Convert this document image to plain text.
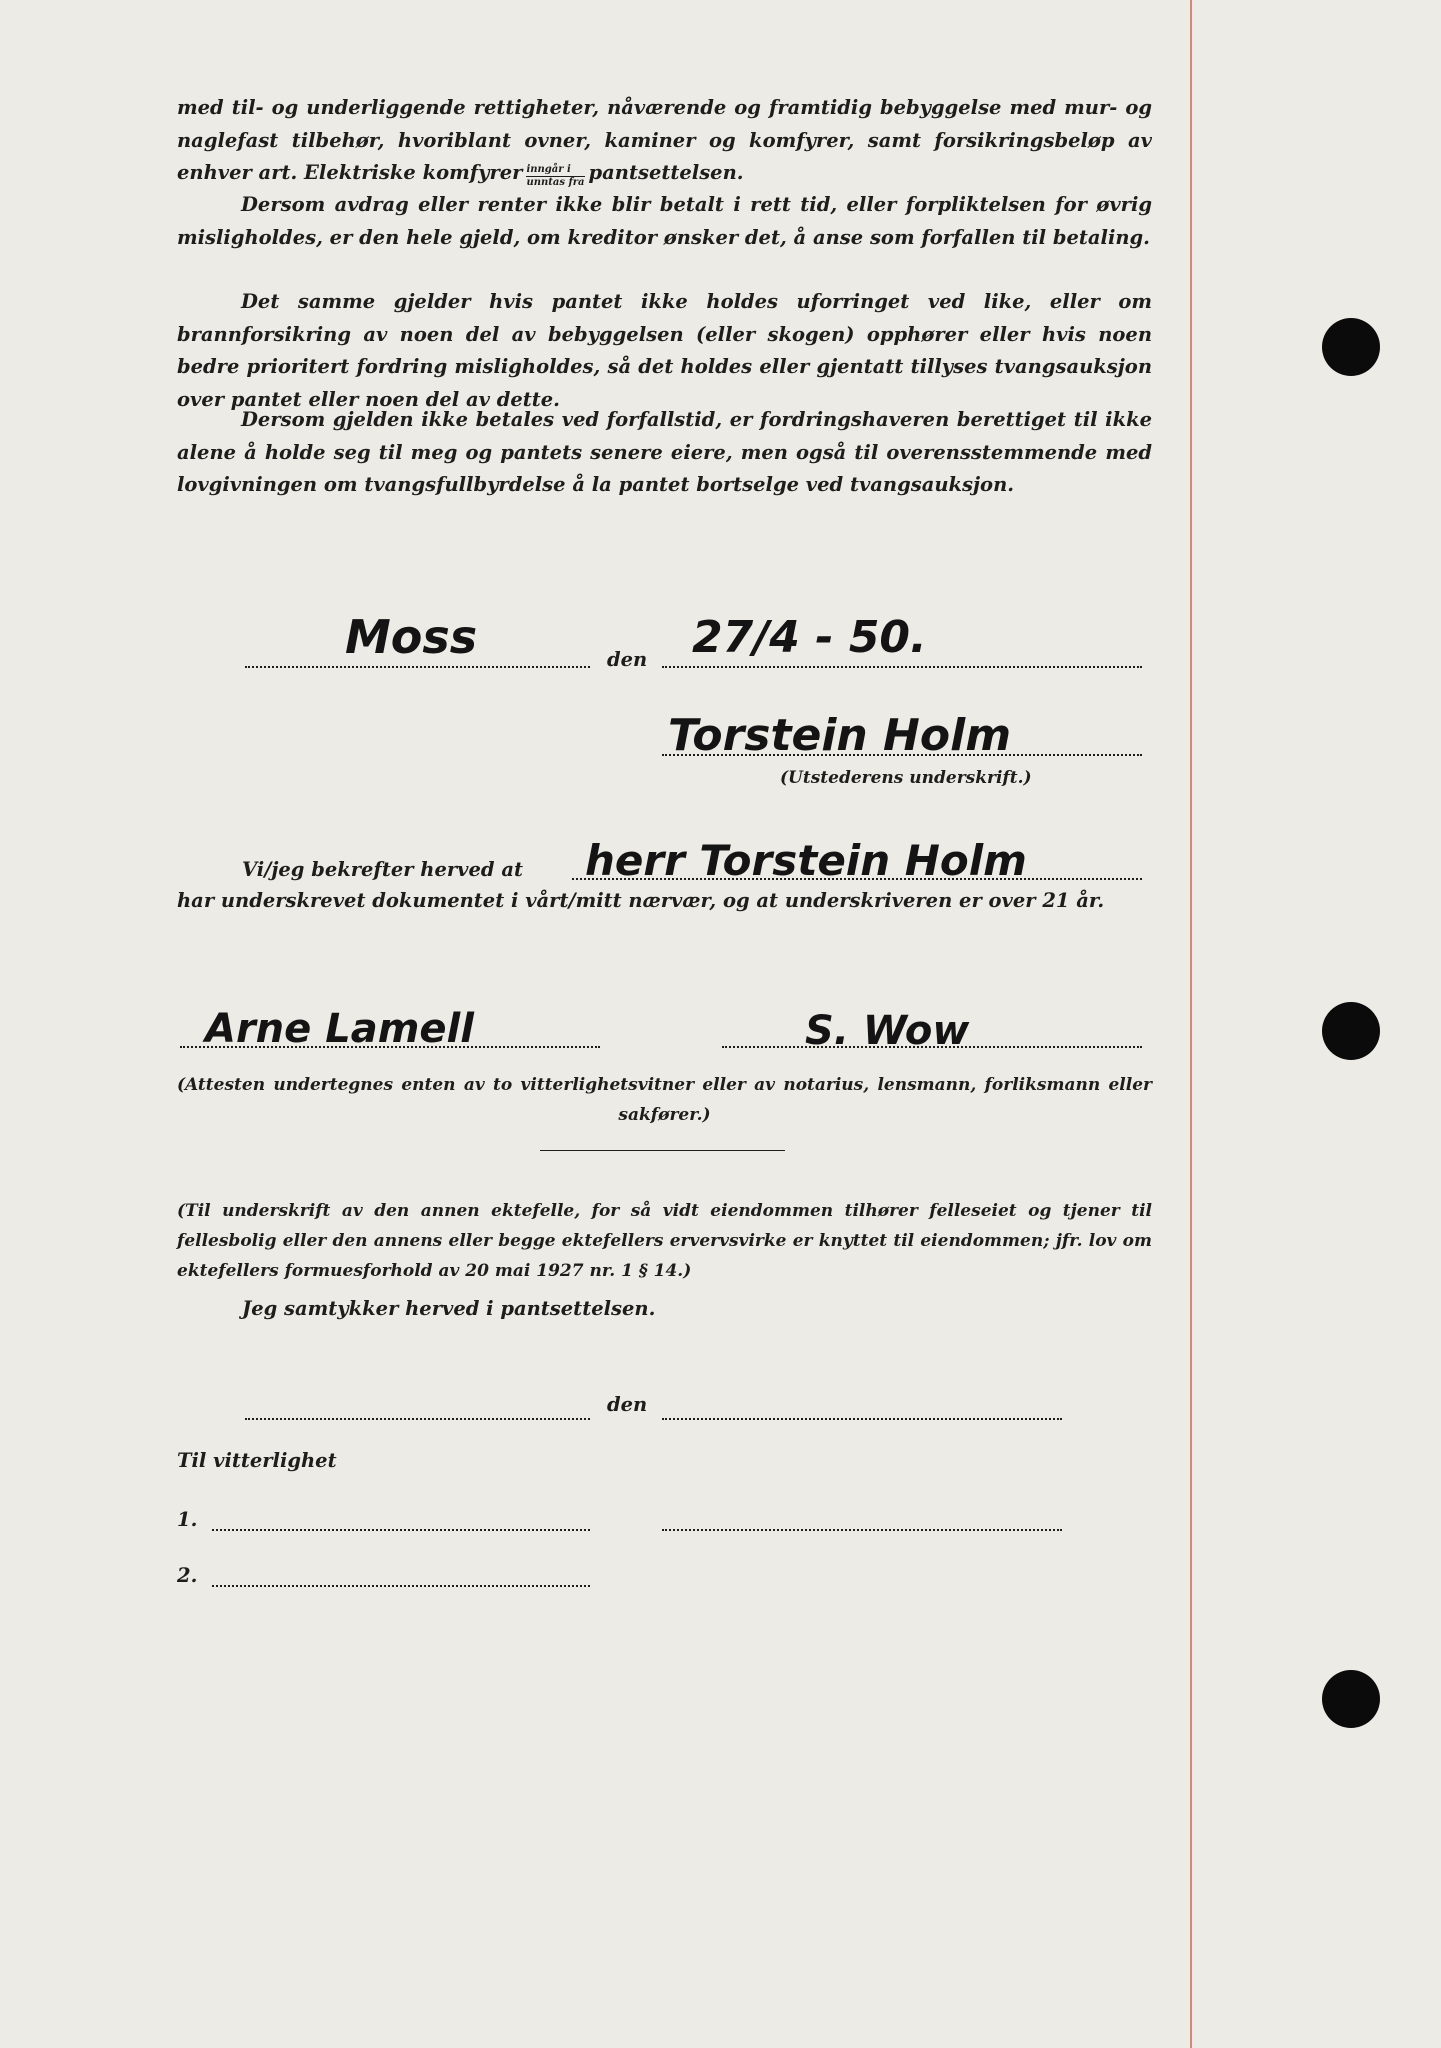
med til- og underliggende rettigheter, nåværende og framtidig bebyggelse med mur- og naglefast tilbehør, hvoriblant ovner, kaminer og komfyrer, samt forsikringsbeløp av enhver art. Elektriske komfyrer $\frac{\text{inngår i}}{\text{unntas fra}}$ pantsettelsen.

Dersom avdrag eller renter ikke blir betalt i rett tid, eller forpliktelsen for øvrig misligholdes, er den hele gjeld, om kreditor ønsker det, å anse som forfallen til betaling.

Det samme gjelder hvis pantet ikke holdes uforringet ved like, eller om brannforsikring av noen del av bebyggelsen (eller skogen) opphører eller hvis noen bedre prioritert fordring misligholdes, så det holdes eller gjentatt tillyses tvangsauksjon over pantet eller noen del av dette.

Dersom gjelden ikke betales ved forfallstid, er fordringshaveren berettiget til ikke alene å holde seg til meg og pantets senere eiere, men også til overensstemmende med lovgivningen om tvangsfullbyrdelse å la pantet bortselge ved tvangsauksjon.

Moss	den 27/4 - 50.
Torstein Holm
(Utstederens underskrift.)
Vi/jeg bekrefter herved at herr Torstein Holm

har underskrevet dokumentet i vårt/mitt nærvær, og at underskriveren er over 21 år.

Arne Lamell	S. Wow

(Attesten undertegnes enten av to vitterlighetsvitner eller av notarius, lensmann, forliksmann eller sakfører.)

(Til underskrift av den annen ektefelle, for så vidt eiendommen tilhører felleseiet og tjener til fellesbolig eller den annens eller begge ektefellers ervervsvirke er knyttet til eiendommen; jfr. lov om ektefellers formuesforhold av 20 mai 1927 nr. 1 § 14.)

Jeg samtykker herved i pantsettelsen.
den
Til vitterlighet
1.
2.
